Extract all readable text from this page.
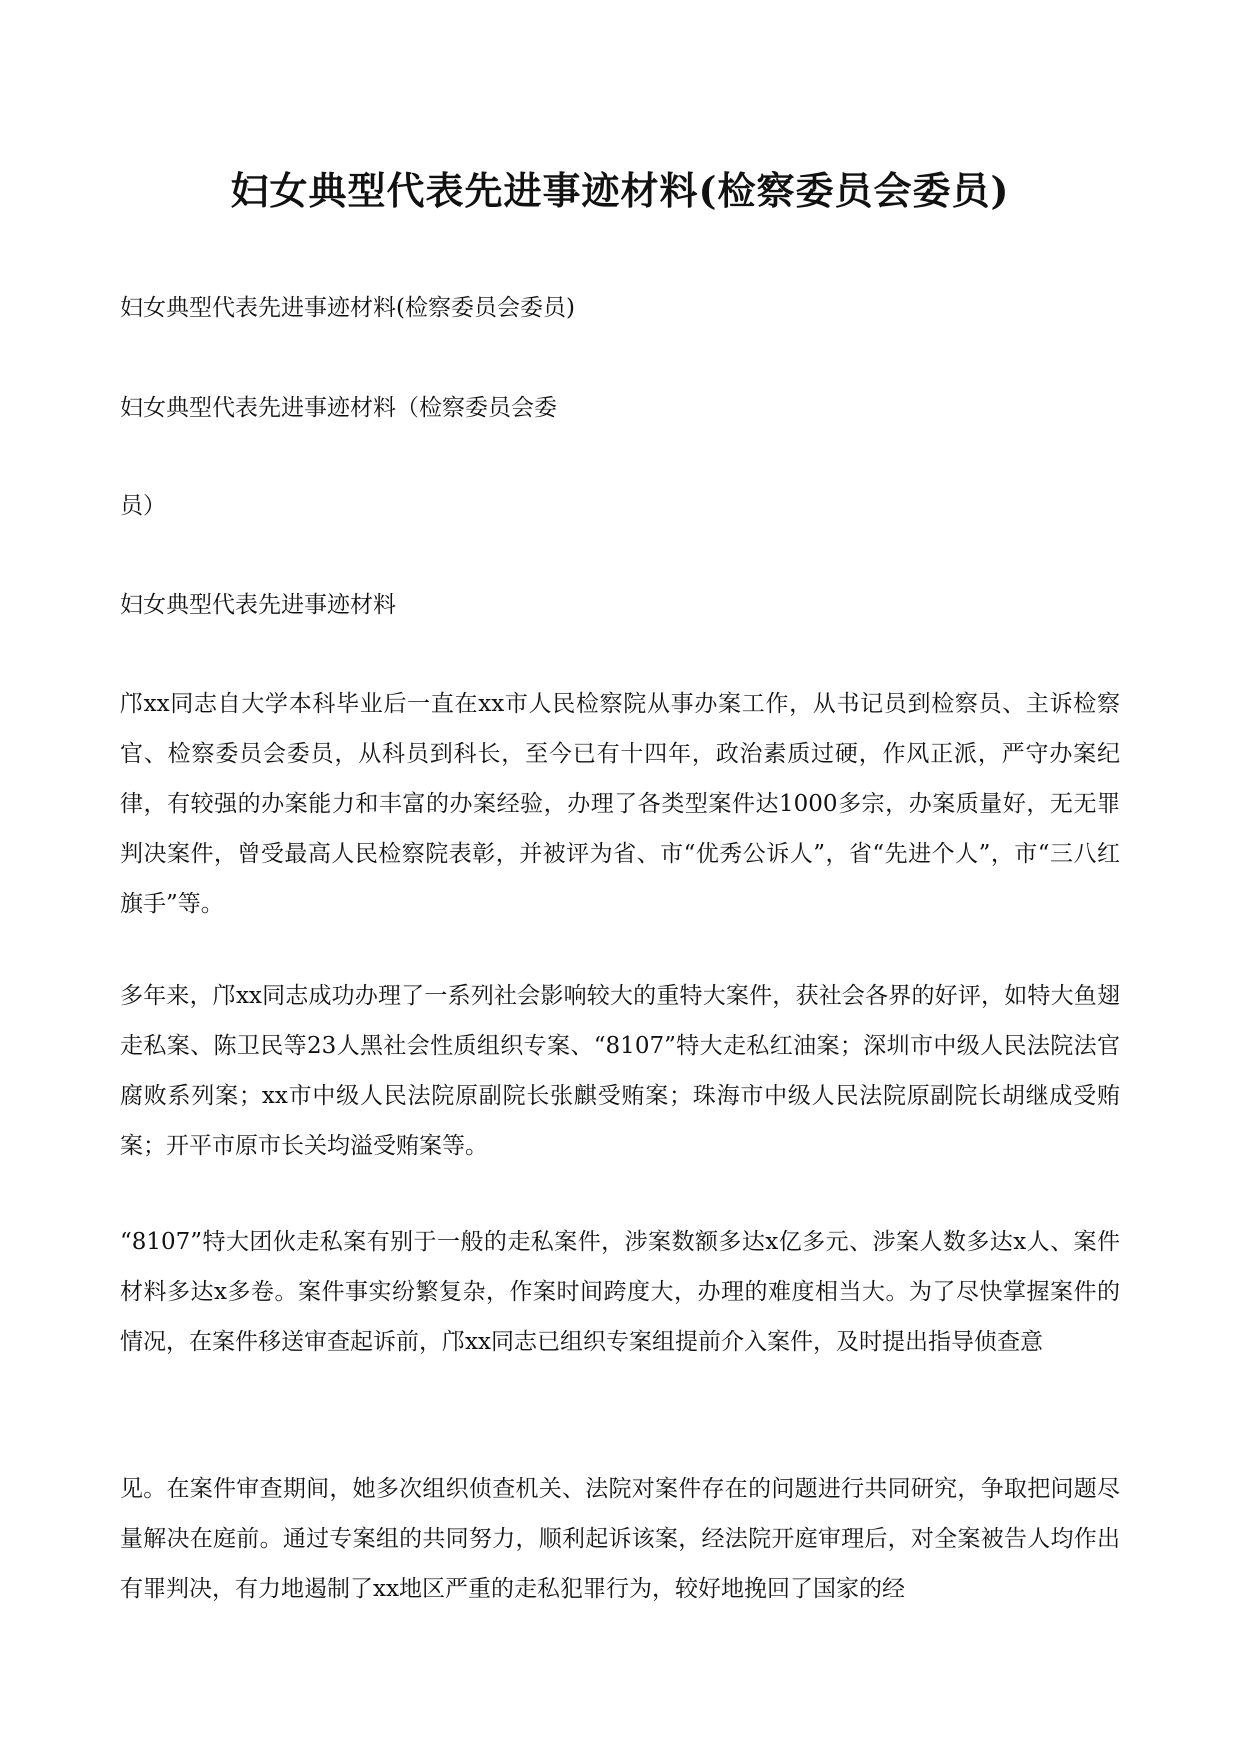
妇女典型代表先进事迹材料(检察委员会委员)

妇女典型代表先进事迹材料(检察委员会委员)

妇女典型代表先进事迹材料（检察委员会委

员）

妇女典型代表先进事迹材料

邝xx同志自大学本科毕业后一直在xx市人民检察院从事办案工作，从书记员到检察员、主诉检察官、检察委员会委员，从科员到科长，至今已有十四年，政治素质过硬，作风正派，严守办案纪律，有较强的办案能力和丰富的办案经验，办理了各类型案件达1000多宗，办案质量好，无无罪判决案件，曾受最高人民检察院表彰，并被评为省、市“优秀公诉人”，省“先进个人”，市“三八红旗手”等。

多年来，邝xx同志成功办理了一系列社会影响较大的重特大案件，获社会各界的好评，如特大鱼翅走私案、陈卫民等23人黑社会性质组织专案、“8107”特大走私红油案；深圳市中级人民法院法官腐败系列案；xx市中级人民法院原副院长张麒受贿案；珠海市中级人民法院原副院长胡继成受贿案；开平市原市长关均溢受贿案等。

“8107”特大团伙走私案有别于一般的走私案件，涉案数额多达x亿多元、涉案人数多达x人、案件材料多达x多卷。案件事实纷繁复杂，作案时间跨度大，办理的难度相当大。为了尽快掌握案件的情况，在案件移送审查起诉前，邝xx同志已组织专案组提前介入案件，及时提出指导侦查意

见。在案件审查期间，她多次组织侦查机关、法院对案件存在的问题进行共同研究，争取把问题尽量解决在庭前。通过专案组的共同努力，顺利起诉该案，经法院开庭审理后，对全案被告人均作出有罪判决，有力地遏制了xx地区严重的走私犯罪行为，较好地挽回了国家的经
